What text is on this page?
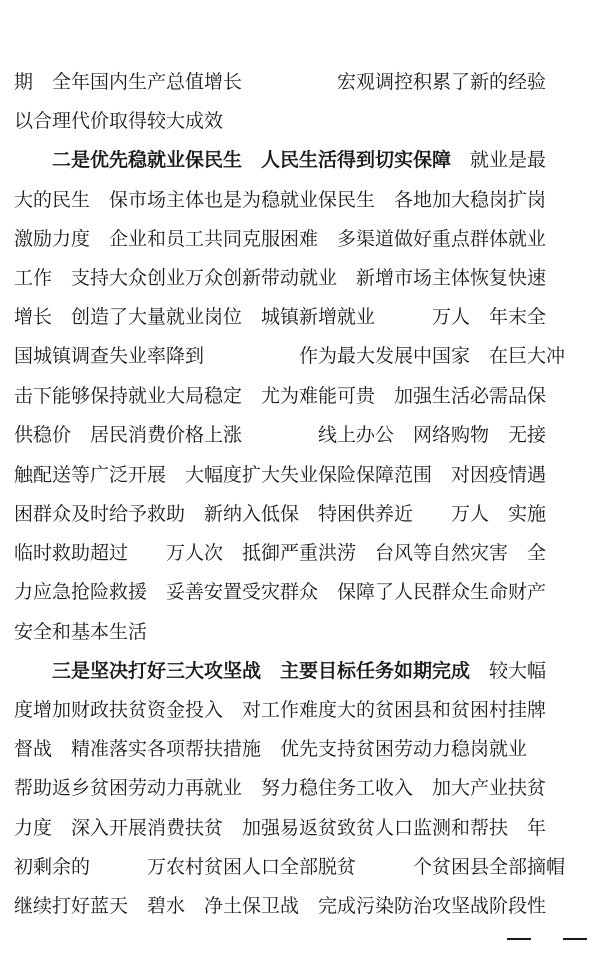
期　全年国内生产总值增长　　　　　宏观调控积累了新的经验
以合理代价取得较大成效
　　二是优先稳就业保民生　人民生活得到切实保障　就业是最
大的民生　保市场主体也是为稳就业保民生　各地加大稳岗扩岗
激励力度　企业和员工共同克服困难　多渠道做好重点群体就业
工作　支持大众创业万众创新带动就业　新增市场主体恢复快速
增长　创造了大量就业岗位　城镇新增就业　　　万人　年末全
国城镇调查失业率降到　　　　　作为最大发展中国家　在巨大冲
击下能够保持就业大局稳定　尤为难能可贵　加强生活必需品保
供稳价　居民消费价格上涨　　　　线上办公　网络购物　无接
触配送等广泛开展　大幅度扩大失业保险保障范围　对因疫情遇
困群众及时给予救助　新纳入低保　特困供养近　　万人　实施
临时救助超过　　万人次　抵御严重洪涝　台风等自然灾害　全
力应急抢险救援　妥善安置受灾群众　保障了人民群众生命财产
安全和基本生活
　　三是坚决打好三大攻坚战　主要目标任务如期完成　较大幅
度增加财政扶贫资金投入　对工作难度大的贫困县和贫困村挂牌
督战　精准落实各项帮扶措施　优先支持贫困劳动力稳岗就业
帮助返乡贫困劳动力再就业　努力稳住务工收入　加大产业扶贫
力度　深入开展消费扶贫　加强易返贫致贫人口监测和帮扶　年
初剩余的　　　万农村贫困人口全部脱贫　　　个贫困县全部摘帽
继续打好蓝天　碧水　净土保卫战　完成污染防治攻坚战阶段性
